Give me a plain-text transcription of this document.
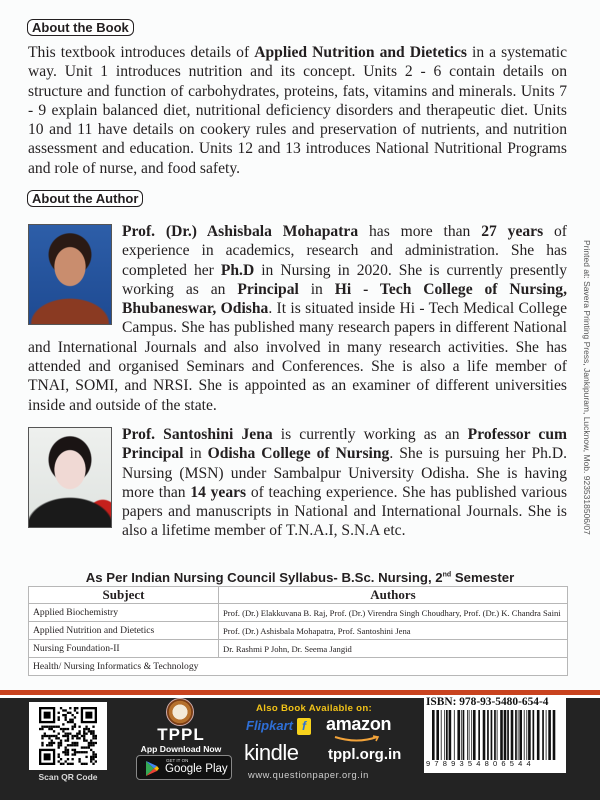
About the Book
This textbook introduces details of Applied Nutrition and Dietetics in a systematic way. Unit 1 introduces nutrition and its concept. Units 2 - 6 contain details on structure and function of carbohydrates, proteins, fats, vitamins and minerals. Units 7 - 9 explain balanced diet, nutritional deficiency disorders and therapeutic diet. Units 10 and 11 have details on cookery rules and preservation of nutrients, and nutrition assessment and education. Units 12 and 13 introduces National Nutritional Programs and role of nurse, and food safety.
About the Author
Prof. (Dr.) Ashisbala Mohapatra has more than 27 years of experience in academics, research and administration. She has completed her Ph.D in Nursing in 2020. She is currently presently working as an Principal in Hi - Tech College of Nursing, Bhubaneswar, Odisha. It is situated inside Hi - Tech Medical College Campus. She has published many research papers in different National and International Journals and also involved in many research activities. She has attended and organised Seminars and Conferences. She is also a life member of TNAI, SOMI, and NRSI. She is appointed as an examiner of different universities inside and outside of the state.
Prof. Santoshini Jena is currently working as an Professor cum Principal in Odisha College of Nursing. She is pursuing her Ph.D. Nursing (MSN) under Sambalpur University Odisha. She is having more than 14 years of teaching experience. She has published various papers and manuscripts in National and International Journals. She is also a lifetime member of T.N.A.I, S.N.A etc.	Printed at: Savera Printing Press, Jankipuram, Lucknow, Mob. 9235318506/07
As Per Indian Nursing Council Syllabus- B.Sc. Nursing, 2nd Semester
Subject	Authors
Applied Biochemistry	Prof. (Dr.) Elakkuvana B. Raj, Prof. (Dr.) Virendra Singh Choudhary, Prof. (Dr.) K. Chandra Saini
Applied Nutrition and Dietetics	Prof. (Dr.) Ashisbala Mohapatra, Prof. Santoshini Jena
Nursing Foundation-II	Dr. Rashmi P John, Dr. Seema Jangid
Health/ Nursing Informatics & Technology	
Scan QR Code
TPPL
App Download Now
GET IT ON
Google Play
Also Book Available on:
Flipkart f amazon
kindle tppl.org.in
www.questionpaper.org.in
ISBN: 978-93-5480-654-4
9789354806544
